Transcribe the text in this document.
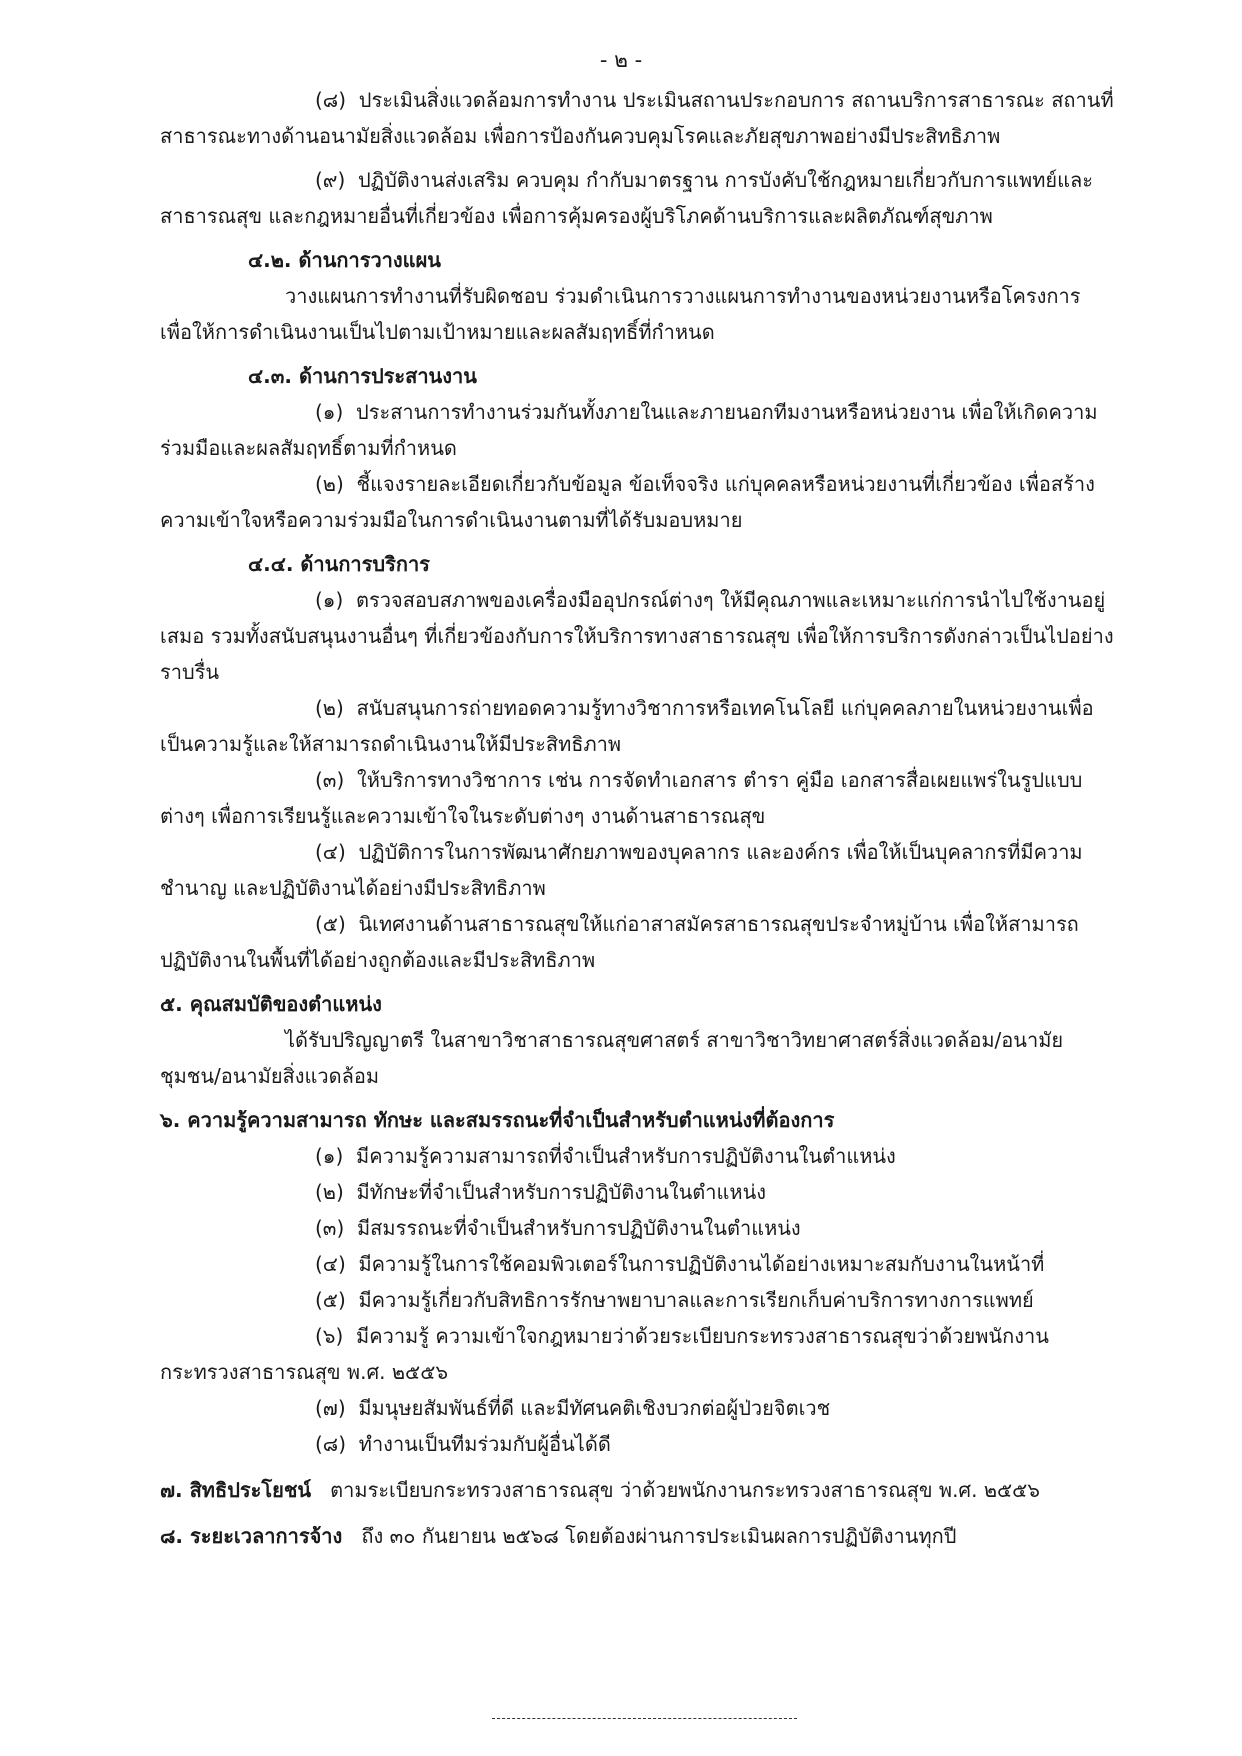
- ๒ -

(๘) ประเมินสิ่งแวดล้อมการทำงาน ประเมินสถานประกอบการ สถานบริการสาธารณะ สถานที่สาธารณะทางด้านอนามัยสิ่งแวดล้อม เพื่อการป้องกันควบคุมโรคและภัยสุขภาพอย่างมีประสิทธิภาพ

(๙) ปฏิบัติงานส่งเสริม ควบคุม กำกับมาตรฐาน การบังคับใช้กฎหมายเกี่ยวกับการแพทย์และสาธารณสุข และกฎหมายอื่นที่เกี่ยวข้อง เพื่อการคุ้มครองผู้บริโภคด้านบริการและผลิตภัณฑ์สุขภาพ

๔.๒. ด้านการวางแผน

วางแผนการทำงานที่รับผิดชอบ ร่วมดำเนินการวางแผนการทำงานของหน่วยงานหรือโครงการ เพื่อให้การดำเนินงานเป็นไปตามเป้าหมายและผลสัมฤทธิ์ที่กำหนด

๔.๓. ด้านการประสานงาน

(๑) ประสานการทำงานร่วมกันทั้งภายในและภายนอกทีมงานหรือหน่วยงาน เพื่อให้เกิดความร่วมมือและผลสัมฤทธิ์ตามที่กำหนด

(๒) ชี้แจงรายละเอียดเกี่ยวกับข้อมูล ข้อเท็จจริง แก่บุคคลหรือหน่วยงานที่เกี่ยวข้อง เพื่อสร้างความเข้าใจหรือความร่วมมือในการดำเนินงานตามที่ได้รับมอบหมาย

๔.๔. ด้านการบริการ

(๑) ตรวจสอบสภาพของเครื่องมืออุปกรณ์ต่างๆ ให้มีคุณภาพและเหมาะแก่การนำไปใช้งานอยู่เสมอ รวมทั้งสนับสนุนงานอื่นๆ ที่เกี่ยวข้องกับการให้บริการทางสาธารณสุข เพื่อให้การบริการดังกล่าวเป็นไปอย่างราบรื่น

(๒) สนับสนุนการถ่ายทอดความรู้ทางวิชาการหรือเทคโนโลยี แก่บุคคลภายในหน่วยงานเพื่อเป็นความรู้และให้สามารถดำเนินงานให้มีประสิทธิภาพ

(๓) ให้บริการทางวิชาการ เช่น การจัดทำเอกสาร ตำรา คู่มือ เอกสารสื่อเผยแพร่ในรูปแบบต่างๆ เพื่อการเรียนรู้และความเข้าใจในระดับต่างๆ งานด้านสาธารณสุข

(๔) ปฏิบัติการในการพัฒนาศักยภาพของบุคลากร และองค์กร เพื่อให้เป็นบุคลากรที่มีความชำนาญ และปฏิบัติงานได้อย่างมีประสิทธิภาพ

(๕) นิเทศงานด้านสาธารณสุขให้แก่อาสาสมัครสาธารณสุขประจำหมู่บ้าน เพื่อให้สามารถปฏิบัติงานในพื้นที่ได้อย่างถูกต้องและมีประสิทธิภาพ

๕. คุณสมบัติของตำแหน่ง

ได้รับปริญญาตรี ในสาขาวิชาสาธารณสุขศาสตร์ สาขาวิชาวิทยาศาสตร์สิ่งแวดล้อม/อนามัยชุมชน/อนามัยสิ่งแวดล้อม

๖. ความรู้ความสามารถ ทักษะ และสมรรถนะที่จำเป็นสำหรับตำแหน่งที่ต้องการ

(๑) มีความรู้ความสามารถที่จำเป็นสำหรับการปฏิบัติงานในตำแหน่ง

(๒) มีทักษะที่จำเป็นสำหรับการปฏิบัติงานในตำแหน่ง

(๓) มีสมรรถนะที่จำเป็นสำหรับการปฏิบัติงานในตำแหน่ง

(๔) มีความรู้ในการใช้คอมพิวเตอร์ในการปฏิบัติงานได้อย่างเหมาะสมกับงานในหน้าที่

(๕) มีความรู้เกี่ยวกับสิทธิการรักษาพยาบาลและการเรียกเก็บค่าบริการทางการแพทย์

(๖) มีความรู้ ความเข้าใจกฎหมายว่าด้วยระเบียบกระทรวงสาธารณสุขว่าด้วยพนักงานกระทรวงสาธารณสุข พ.ศ. ๒๕๕๖

(๗) มีมนุษยสัมพันธ์ที่ดี และมีทัศนคติเชิงบวกต่อผู้ป่วยจิตเวช

(๘) ทำงานเป็นทีมร่วมกับผู้อื่นได้ดี

๗. สิทธิประโยชน์ ตามระเบียบกระทรวงสาธารณสุข ว่าด้วยพนักงานกระทรวงสาธารณสุข พ.ศ. ๒๕๕๖

๘. ระยะเวลาการจ้าง ถึง ๓๐ กันยายน ๒๕๖๘ โดยต้องผ่านการประเมินผลการปฏิบัติงานทุกปี
